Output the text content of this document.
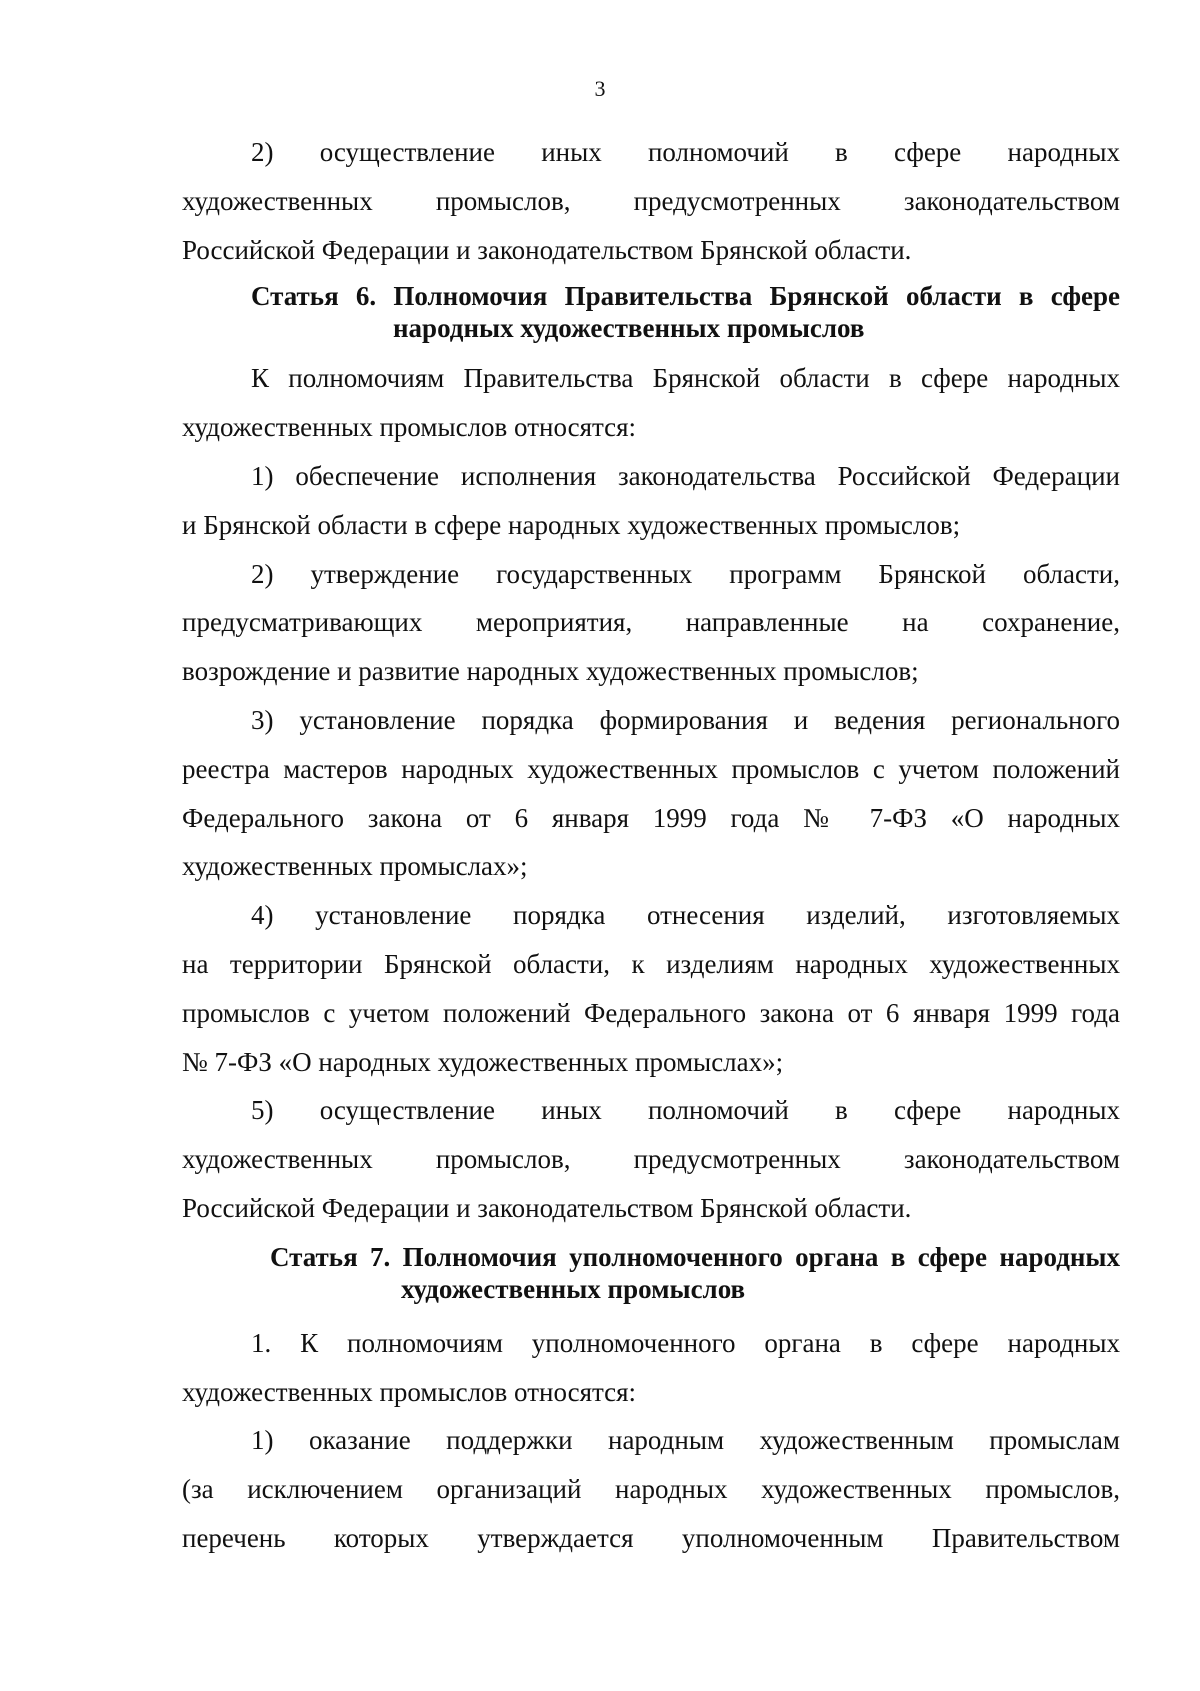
3

2) осуществление иных полномочий в сфере народных

художественных промыслов, предусмотренных законодательством

Российской Федерации и законодательством Брянской области.

Статья 6. Полномочия Правительства Брянской области в сфере
народных художественных промыслов

К полномочиям Правительства Брянской области в сфере народных

художественных промыслов относятся:

1) обеспечение исполнения законодательства Российской Федерации

и Брянской области в сфере народных художественных промыслов;

2) утверждение государственных программ Брянской области,

предусматривающих мероприятия, направленные на сохранение,

возрождение и развитие народных художественных промыслов;

3) установление порядка формирования и ведения регионального

реестра мастеров народных художественных промыслов с учетом положений

Федерального закона от 6 января 1999 года № 7-ФЗ «О народных

художественных промыслах»;

4) установление порядка отнесения изделий, изготовляемых

на территории Брянской области, к изделиям народных художественных

промыслов с учетом положений Федерального закона от 6 января 1999 года

№ 7-ФЗ «О народных художественных промыслах»;

5) осуществление иных полномочий в сфере народных

художественных промыслов, предусмотренных законодательством

Российской Федерации и законодательством Брянской области.

Статья 7. Полномочия уполномоченного органа в сфере народных
художественных промыслов

1. К полномочиям уполномоченного органа в сфере народных

художественных промыслов относятся:

1) оказание поддержки народным художественным промыслам

(за исключением организаций народных художественных промыслов,

перечень которых утверждается уполномоченным Правительством
